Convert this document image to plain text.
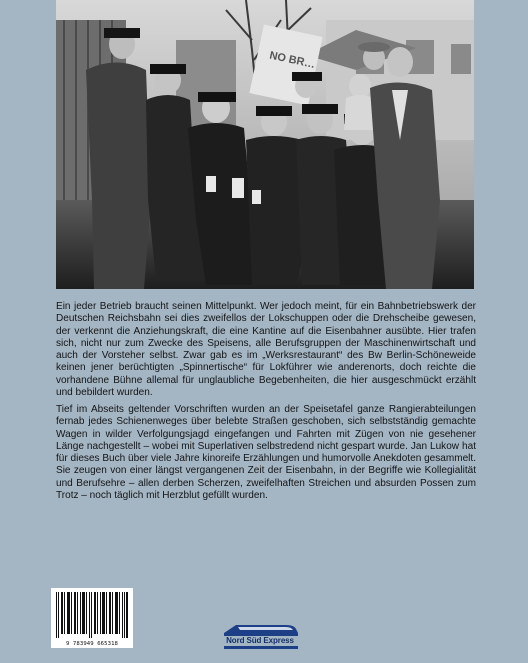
NO BR…

Ein jeder Betrieb braucht seinen Mittelpunkt. Wer jedoch meint, für ein Bahnbetriebswerk der Deutschen Reichsbahn sei dies zweifellos der Lokschuppen oder die Drehscheibe gewesen, der verkennt die Anziehungskraft, die eine Kantine auf die Eisenbahner ausübte. Hier trafen sich, nicht nur zum Zwecke des Speisens, alle Berufsgruppen der Maschinenwirtschaft und auch der Vorsteher selbst. Zwar gab es im „Werksrestaurant“ des Bw Berlin-Schöneweide keinen jener berüchtigten „Spinnertische“ für Lokführer wie anderenorts, doch reichte die vorhandene Bühne allemal für unglaubliche Begebenheiten, die hier ausgeschmückt erzählt und bebildert wurden.

Tief im Abseits geltender Vorschriften wurden an der Speisetafel ganze Rangierabteilungen fernab jedes Schienenweges über belebte Straßen geschoben, sich selbstständig gemachte Wagen in wilder Verfolgungsjagd eingefangen und Fahrten mit Zügen von nie gesehener Länge nachgestellt – wobei mit Superlativen selbstredend nicht gespart wurde. Jan Lukow hat für dieses Buch über viele Jahre kinoreife Erzählungen und humorvolle Anekdoten gesammelt. Sie zeugen von einer längst vergangenen Zeit der Eisenbahn, in der Begriffe wie Kollegialität und Berufsehre – allen derben Scherzen, zweifelhaften Streichen und absurden Possen zum Trotz – noch täglich mit Herzblut gefüllt wurden.

9 783949 665318	Nord Süd Express
